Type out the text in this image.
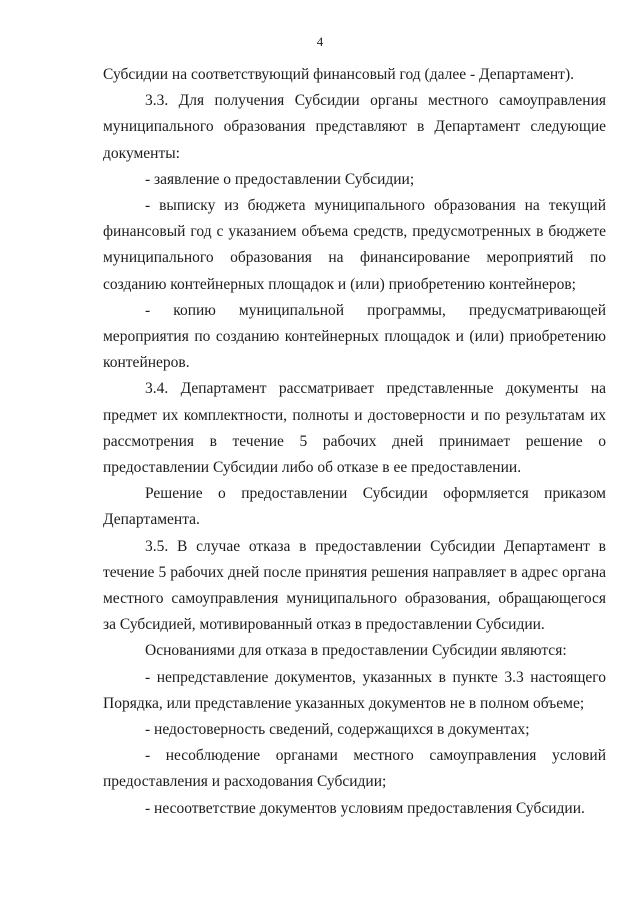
4

Субсидии на соответствующий финансовый год (далее - Департамент).

3.3. Для получения Субсидии органы местного самоуправления муниципального образования представляют в Департамент следующие документы:

- заявление о предоставлении Субсидии;

- выписку из бюджета муниципального образования на текущий финансовый год с указанием объема средств, предусмотренных в бюджете муниципального образования на финансирование мероприятий по созданию контейнерных площадок и (или) приобретению контейнеров;

- копию муниципальной программы, предусматривающей мероприятия по созданию контейнерных площадок и (или) приобретению контейнеров.

3.4. Департамент рассматривает представленные документы на предмет их комплектности, полноты и достоверности и по результатам их рассмотрения в течение 5 рабочих дней принимает решение о предоставлении Субсидии либо об отказе в ее предоставлении.

Решение о предоставлении Субсидии оформляется приказом Департамента.

3.5. В случае отказа в предоставлении Субсидии Департамент в течение 5 рабочих дней после принятия решения направляет в адрес органа местного самоуправления муниципального образования, обращающегося за Субсидией, мотивированный отказ в предоставлении Субсидии.

Основаниями для отказа в предоставлении Субсидии являются:

- непредставление документов, указанных в пункте 3.3 настоящего Порядка, или представление указанных документов не в полном объеме;

- недостоверность сведений, содержащихся в документах;

- несоблюдение органами местного самоуправления условий предоставления и расходования Субсидии;

- несоответствие документов условиям предоставления Субсидии.
